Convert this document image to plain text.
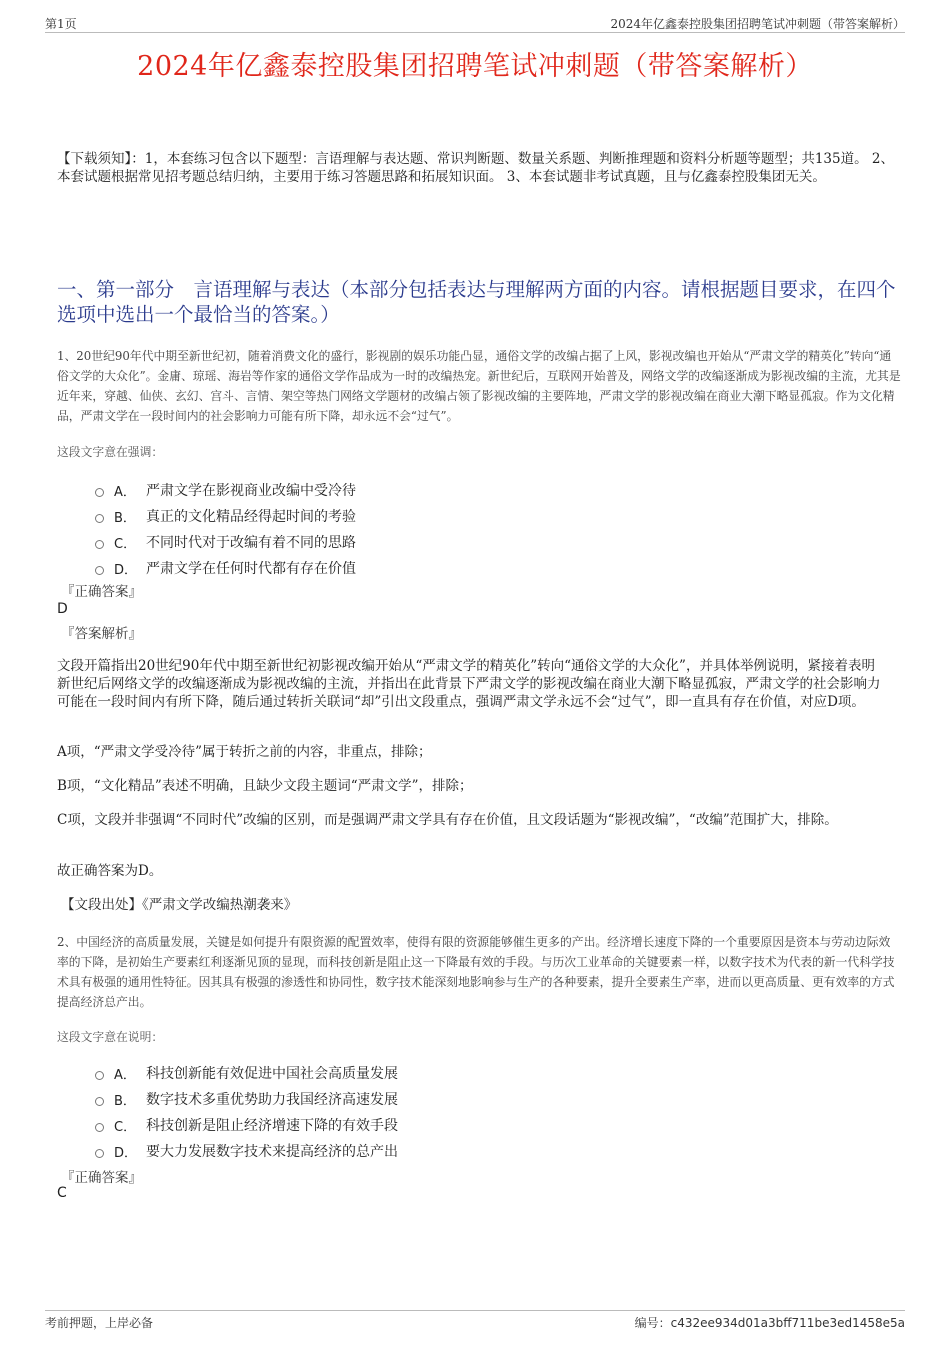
第1页	2024年亿鑫泰控股集团招聘笔试冲刺题（带答案解析）
2024年亿鑫泰控股集团招聘笔试冲刺题（带答案解析）
【下载须知】：1，本套练习包含以下题型：言语理解与表达题、常识判断题、数量关系题、判断推理题和资料分析题等题型；共135道。 2、本套试题根据常见招考题总结归纳，主要用于练习答题思路和拓展知识面。 3、本套试题非考试真题，且与亿鑫泰控股集团无关。
一、第一部分　言语理解与表达（本部分包括表达与理解两方面的内容。请根据题目要求，在四个选项中选出一个最恰当的答案。）
1、20世纪90年代中期至新世纪初，随着消费文化的盛行，影视剧的娱乐功能凸显，通俗文学的改编占据了上风，影视改编也开始从“严肃文学的精英化”转向“通俗文学的大众化”。金庸、琼瑶、海岩等作家的通俗文学作品成为一时的改编热宠。新世纪后，互联网开始普及，网络文学的改编逐渐成为影视改编的主流，尤其是近年来，穿越、仙侠、玄幻、宫斗、言情、架空等热门网络文学题材的改编占领了影视改编的主要阵地，严肃文学的影视改编在商业大潮下略显孤寂。作为文化精品，严肃文学在一段时间内的社会影响力可能有所下降，却永远不会“过气”。
这段文字意在强调：
A． 严肃文学在影视商业改编中受冷待
B． 真正的文化精品经得起时间的考验
C． 不同时代对于改编有着不同的思路
D． 严肃文学在任何时代都有存在价值
『正确答案』
D
『答案解析』

文段开篇指出20世纪90年代中期至新世纪初影视改编开始从“严肃文学的精英化”转向“通俗文学的大众化”，并具体举例说明，紧接着表明新世纪后网络文学的改编逐渐成为影视改编的主流，并指出在此背景下严肃文学的影视改编在商业大潮下略显孤寂，严肃文学的社会影响力可能在一段时间内有所下降，随后通过转折关联词“却”引出文段重点，强调严肃文学永远不会“过气”，即一直具有存在价值，对应D项。

A项，“严肃文学受冷待”属于转折之前的内容，非重点，排除；

B项，“文化精品”表述不明确，且缺少文段主题词“严肃文学”，排除；

C项，文段并非强调“不同时代”改编的区别，而是强调严肃文学具有存在价值，且文段话题为“影视改编”，“改编”范围扩大，排除。

故正确答案为D。

【文段出处】《严肃文学改编热潮袭来》
2、中国经济的高质量发展，关键是如何提升有限资源的配置效率，使得有限的资源能够催生更多的产出。经济增长速度下降的一个重要原因是资本与劳动边际效率的下降，是初始生产要素红利逐渐见顶的显现，而科技创新是阻止这一下降最有效的手段。与历次工业革命的关键要素一样，以数字技术为代表的新一代科学技术具有极强的通用性特征。因其具有极强的渗透性和协同性，数字技术能深刻地影响参与生产的各种要素，提升全要素生产率，进而以更高质量、更有效率的方式提高经济总产出。
这段文字意在说明：
A． 科技创新能有效促进中国社会高质量发展
B． 数字技术多重优势助力我国经济高速发展
C． 科技创新是阻止经济增速下降的有效手段
D． 要大力发展数字技术来提高经济的总产出
『正确答案』
C
考前押题，上岸必备	编号：c432ee934d01a3bff711be3ed1458e5a
